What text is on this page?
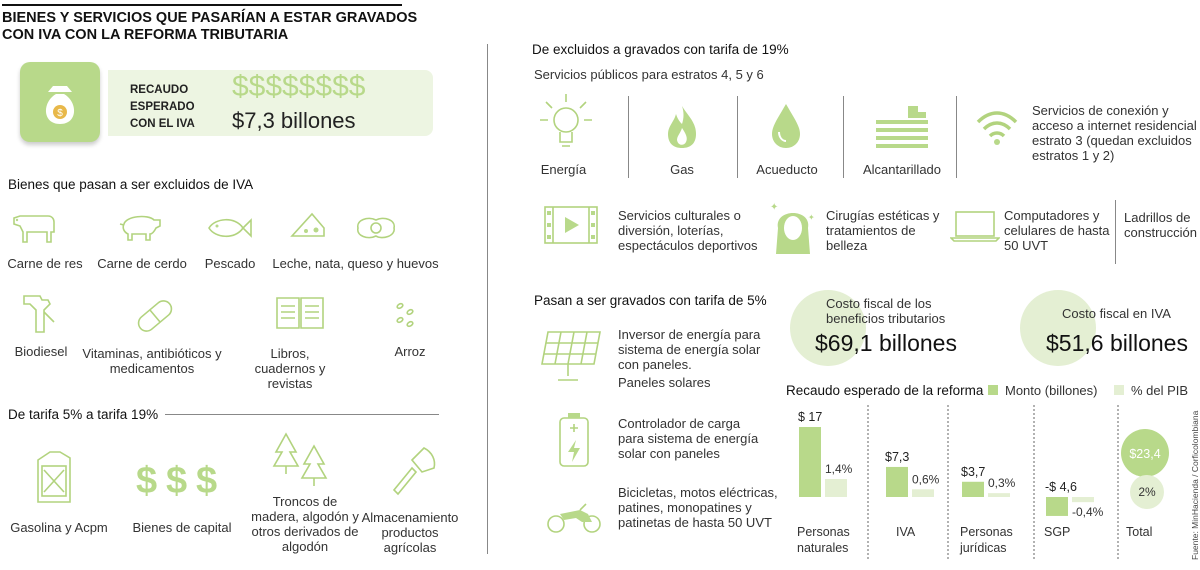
BIENES Y SERVICIOS QUE PASARÍAN A ESTAR GRAVADOS CON IVA CON LA REFORMA TRIBUTARIA
$
RECAUDO ESPERADO CON EL IVA
$$$$$$$$
$7,3 billones
Bienes que pasan a ser excluidos de IVA
Carne de res	Carne de cerdo	Pescado	Leche, nata, queso y huevos
Biodiesel	Vitaminas, antibióticos y medicamentos
Libros, cuadernos y revistas
Arroz
De tarifa 5% a tarifa 19%
Gasolina y Acpm
$ $ $
Bienes de capital
Troncos de madera, algodón y otros derivados de algodón
Almacenamiento productos agrícolas
De excluidos a gravados con tarifa de 19%
Servicios públicos para estratos 4, 5 y 6
Energía	Gas	Acueducto	Alcantarillado
Servicios de conexión y acceso a internet residencial estrato 3 (quedan excluidos estratos 1 y 2)
Servicios culturales o diversión, loterías, espectáculos deportivos
✦
✦ Cirugías estéticas y tratamientos de belleza
Computadores y celulares de hasta 50 UVT
Ladrillos de construcción
Pasan a ser gravados con tarifa de 5%
Inversor de energía para sistema de energía solar con paneles.
Paneles solares
Controlador de carga para sistema de energía solar con paneles
Bicicletas, motos eléctricas, patines, monopatines y patinetas de hasta 50 UVT
Costo fiscal de los beneficios tributarios
$69,1 billones
Costo fiscal en IVA
$51,6 billones
Recaudo esperado de la reforma Monto (billones)	% del PIB
$ 17
1,4%
Personas
naturales
$7,3
0,6%
IVA
$3,7
0,3%
Personas
jurídicas
-$ 4,6
-0,4%
SGP
$23,4
2%
Total	Fuente: MinHacienda / Corficolombiana
